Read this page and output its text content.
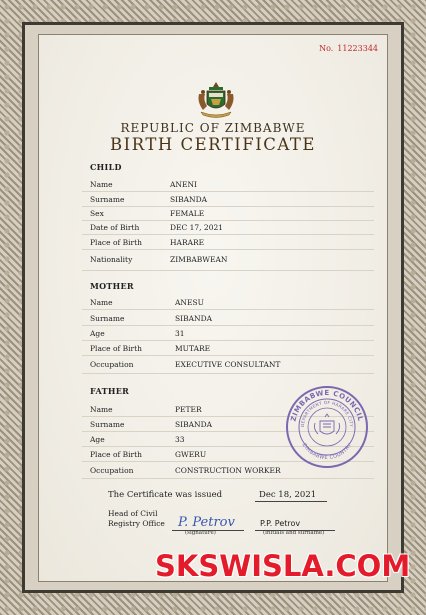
No. 11223344
REPUBLIC OF ZIMBABWE
BIRTH CERTIFICATE
CHILD
Name	ANENI
Surname	SIBANDA
Sex	FEMALE
Date of Birth	DEC 17, 2021
Place of Birth	HARARE
Nationality	ZIMBABWEAN
MOTHER
Name	ANESU
Surname	SIBANDA
Age	31
Place of Birth	MUTARE
Occupation	EXECUTIVE CONSULTANT
FATHER
Name	PETER
Surname	SIBANDA
Age	33
Place of Birth	GWERU
Occupation	CONSTRUCTION WORKER
ZIMBABWE COUNCIL
DEPARTMENT OF HARARE CITY
ZIMBABWE COUNTRY
The Certificate was issued	Dec 18, 2021
Head of Civil Registry Office P. Petrov
(signature)
P.P. Petrov
(initials and surname)
SKSWISLA.COM
